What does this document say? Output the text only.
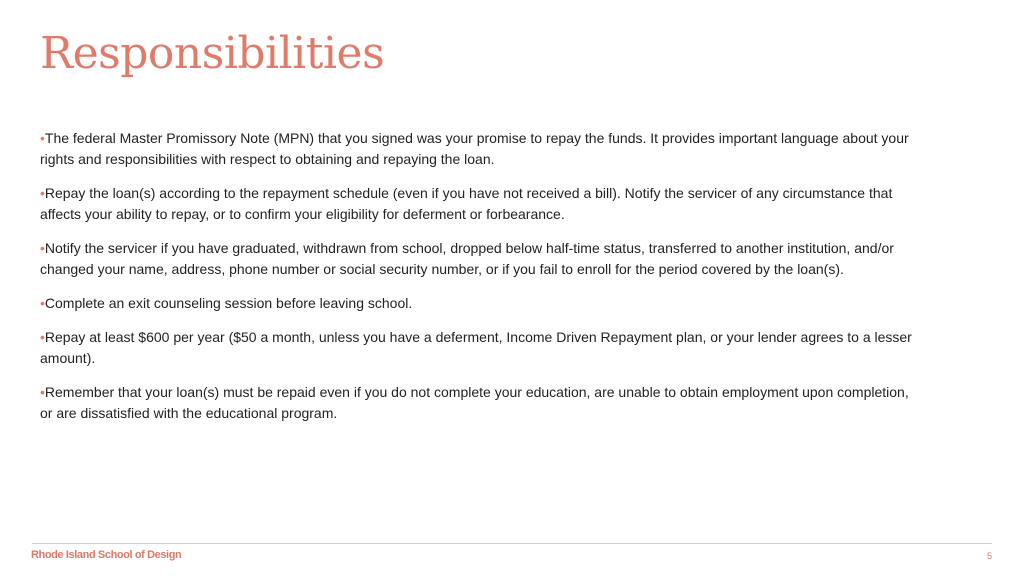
Responsibilities
•The federal Master Promissory Note (MPN) that you signed was your promise to repay the funds. It provides important language about your rights and responsibilities with respect to obtaining and repaying the loan.
•Repay the loan(s) according to the repayment schedule (even if you have not received a bill). Notify the servicer of any circumstance that affects your ability to repay, or to confirm your eligibility for deferment or forbearance.
•Notify the servicer if you have graduated, withdrawn from school, dropped below half-time status, transferred to another institution, and/or changed your name, address, phone number or social security number, or if you fail to enroll for the period covered by the loan(s).
•Complete an exit counseling session before leaving school.
•Repay at least $600 per year ($50 a month, unless you have a deferment, Income Driven Repayment plan, or your lender agrees to a lesser amount).
•Remember that your loan(s) must be repaid even if you do not complete your education, are unable to obtain employment upon completion, or are dissatisfied with the educational program.
Rhode Island School of Design	5
